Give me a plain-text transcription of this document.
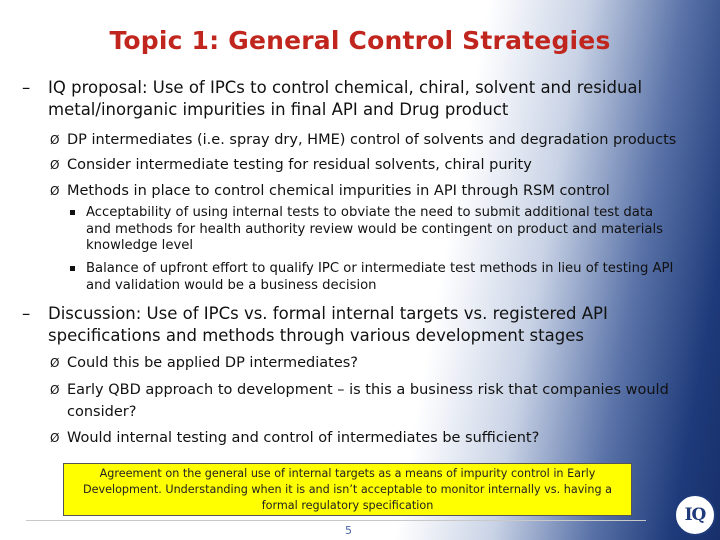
Topic 1: General Control Strategies
– IQ proposal: Use of IPCs to control chemical, chiral, solvent and residual metal/inorganic impurities in final API and Drug product
Ø DP intermediates (i.e. spray dry, HME) control of solvents and degradation products
Ø Consider intermediate testing for residual solvents, chiral purity
Ø Methods in place to control chemical impurities in API through RSM control
Acceptability of using internal tests to obviate the need to submit additional test data and methods for health authority review would be contingent on product and materials knowledge level
Balance of upfront effort to qualify IPC or intermediate test methods in lieu of testing API and validation would be a business decision
– Discussion: Use of IPCs vs. formal internal targets vs. registered API specifications and methods through various development stages
Ø Could this be applied DP intermediates?
Ø Early QBD approach to development – is this a business risk that companies would consider?
Ø Would internal testing and control of intermediates be sufficient?
Agreement on the general use of internal targets as a means of impurity control in Early Development. Understanding when it is and isn’t acceptable to monitor internally vs. having a formal regulatory specification
5
IQ
